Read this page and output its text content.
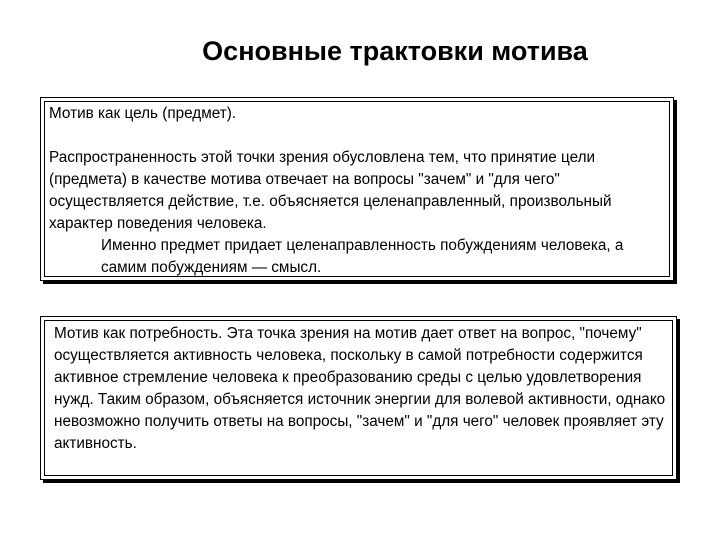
Основные трактовки мотива

Мотив как цель (предмет).

Распространенность этой точки зрения обусловлена тем, что принятие цели (предмета) в качестве мотива отвечает на вопросы "зачем" и "для чего" осуществляется действие, т.е. объясняется целенаправленный, произвольный характер поведения человека.

Именно предмет придает целенаправленность побуждениям человека, а самим побуждениям — смысл.

Мотив как потребность. Эта точка зрения на мотив дает ответ на вопрос, "почему" осуществляется активность человека, поскольку в самой потребности содержится активное стремление человека к преобразованию среды с целью удовлетворения нужд. Таким образом, объясняется источник энергии для волевой активности, однако невозможно получить ответы на вопросы, "зачем" и "для чего" человек проявляет эту активность.
